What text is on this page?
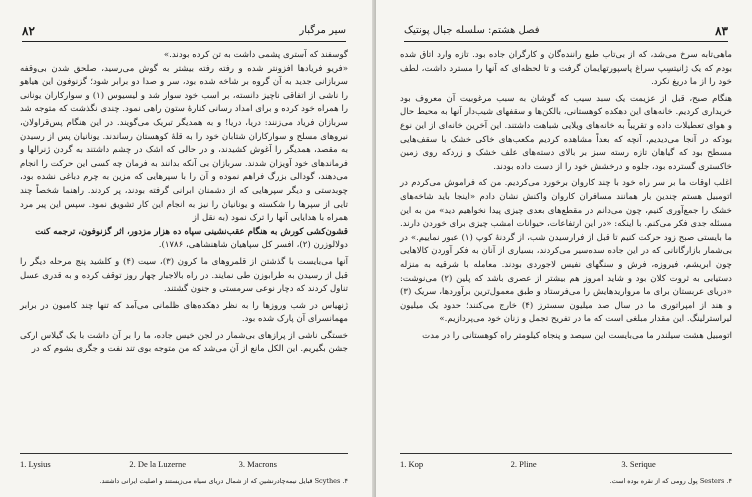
۸۲	سیر مرگبار

گوسفند که آستری پشمی داشت به تن کرده بودند.»

«فریو فریادها افزونتر شده و رفته رفته بیشتر به گوش می‌رسید، صلحق شدن بی‌وقفه سربازانی جدید به آن گروه بر شاخه شده بود، سر و صدا دو برابر شود؛ گزنوفون این هیاهو را ناشی از اتفاقی ناچیز دانسته، بر اسب خود سوار شد و لیسیوس (۱) و سوارکاران یونانی را همراه خود کرده و برای امداد رسانی کنارهٔ ستون راهی نمود. چندی نگذشت که متوجه شد سربازان فریاد می‌زنند: دریا، دریا! و به همدیگر تبریک می‌گویند. در این هنگام پس‌قراولان، نیروهای مسلح و سوارکاران شتابان خود را به قلهٔ کوهستان رساندند. یونانیان پس از رسیدن به مقصد، همدیگر را آغوش کشیدند، و در حالی که اشک در چشم داشتند به گردن ژنرالها و فرماندهای خود آویزان شدند. سربازان بی آنکه بدانند به فرمان چه کسی این حرکت را انجام می‌دهند، گودالی بزرگ فراهم نموده و آن را با سپرهایی که مزین به چرم دباغی نشده بود، چوبدستی و دیگر سپرهایی که از دشمنان ابرانی گرفته بودند، پر کردند. راهنما شخصاً چند تایی از سپرها را شکسته و یونانیان را نیز به انجام این کار تشویق نمود. سپس این پیر مرد همراه با هدایایی آنها را ترک نمود (به نقل از

قشون‌کشی کورش به هنگام عقب‌نشینی سپاه ده هزار مزدور، اثر گزنوفون، ترجمه کنت

دولالوزرن (۲)، افسر کل سپاهیان شاهنشاهی، ۱۷۸۶).

آنها می‌بایست با گذشتن از قلمروهای ما کرون (۳)، سیت (۴) و کلشید پنج مرحله دیگر را قبل از رسیدن به طرابوزن طی نمایند. در راه بالاجبار چهار روز توقف کرده و به قدری عسل تناول کردند که دچار نوعی سرمستی و جنون گشتند.

ژنهیاس در شب وروزها را به نظر دهکده‌های ظلمانی می‌آمد که تنها چند کامیون در برابر مهمانسرای آن پارک شده بود.

خستگی ناشی از پرازهای بی‌شمار در لجن خیس جاده، ما را بر آن داشت با یک گیلاس ارکی جشن بگیریم. این الکل مانع از آن می‌شد که من متوجه بوی تند نفت و جگری بشوم که در

1. Lysius	2. De la Luzerne	3. Macrons
۴. Scythes قبایل نیمه‌چادرنشین که از شمال دریای سیاه می‌زیستند و اصلیت ایرانی داشتند.
فصل هشتم: سلسله جبال پونتیک	۸۳

ماهی‌تابه سرخ می‌شد، که از بی‌تاب طبع راننده‌گان و کارگران جاده بود. تازه وارد اتاق شده بودم که یک ژانیتسِپ سراغ پاسپورتها‌یمان گرفت و تا لحظه‌ای که آنها را مسترد داشت، لطف خود را از ما دریغ نکرد.

هنگام صبح، قبل از عزیمت یک سبد سیب که گوشان به سبب مرغوبیت آن معروف بود خریداری کردیم. خانه‌های این دهکده کوهستانی، بالکن‌ها و سقفهای شیب‌دار آنها به محیط حال و هوای تعطیلات داده و تقریباً به خانه‌های ویلایی شباهت داشتند. این آخرین خانه‌ای از این نوع بودکه در آنجا می‌دیدیم، آنچه که بعداً مشاهده کردیم مکعب‌های خاکی خشک با سقف‌هایی مسطح بود که گیاهان تازه رسته سبز بر بالای دسته‌های علف خشک و زردکه روی زمین خاکستری گسترده بود، جلوه و درخشش خود را از دست داده بودند.

اغلب اوقات ما بر سر راه خود با چند کاروان برخورد می‌کردیم. من که فراموش می‌کردم در اتومبیل هستم چندین بار همانند مسافران کاروان واکنش نشان دادم «اینجا باید شاخه‌های خشک را جمع‌آوری کنیم، چون می‌دانم در مقطع‌های بعدی چیزی پیدا نخواهیم دید» من به این مسئله جدی فکر می‌کنم. با اینکه: «در این ارتفاعات، حیوانات امشب چیزی برای خوردن دارند. ما بایستی صبح زود حرکت کنیم تا قبل از فرارسیدن شب، از گردنهٔ کوپ (۱) عبور نماییم.» در بی‌شمار بازارگانانی که در این جاده سده‌سیر می‌کردند، بسیاری از آنان به فکر آوردن کالاهایی چون ابریشم، فیروزه، فرش و سنگهای نفیس لاجوردی بودند. معامله با شرقیه به منزله دستیابی به ثروت کلان بود و شاید امروز هم بیشتر از عصری باشد که پلین (۲) می‌نوشت: «دریای عربستان برای ما مروارید‌هایش را می‌فرستاد و طبق معمول‌ترین برآوردها، سریک (۳) و هند از امپراتوری ما در سال صد میلیون سسترز (۴) خارج می‌کنند؛ حدود یک میلیون لیراسترلینگ. این مقدار مبلغی است که ما در تفریح تجمل و زنان خود می‌پردازیم.»

اتومبیل هشت سیلندر ما می‌بایست این سیصد و پنجاه کیلومتر راه کوهستانی را در مدت

1. Kop	2. Pline	3. Serique
۴. Sesters پول رومی که از نقره بوده است.
